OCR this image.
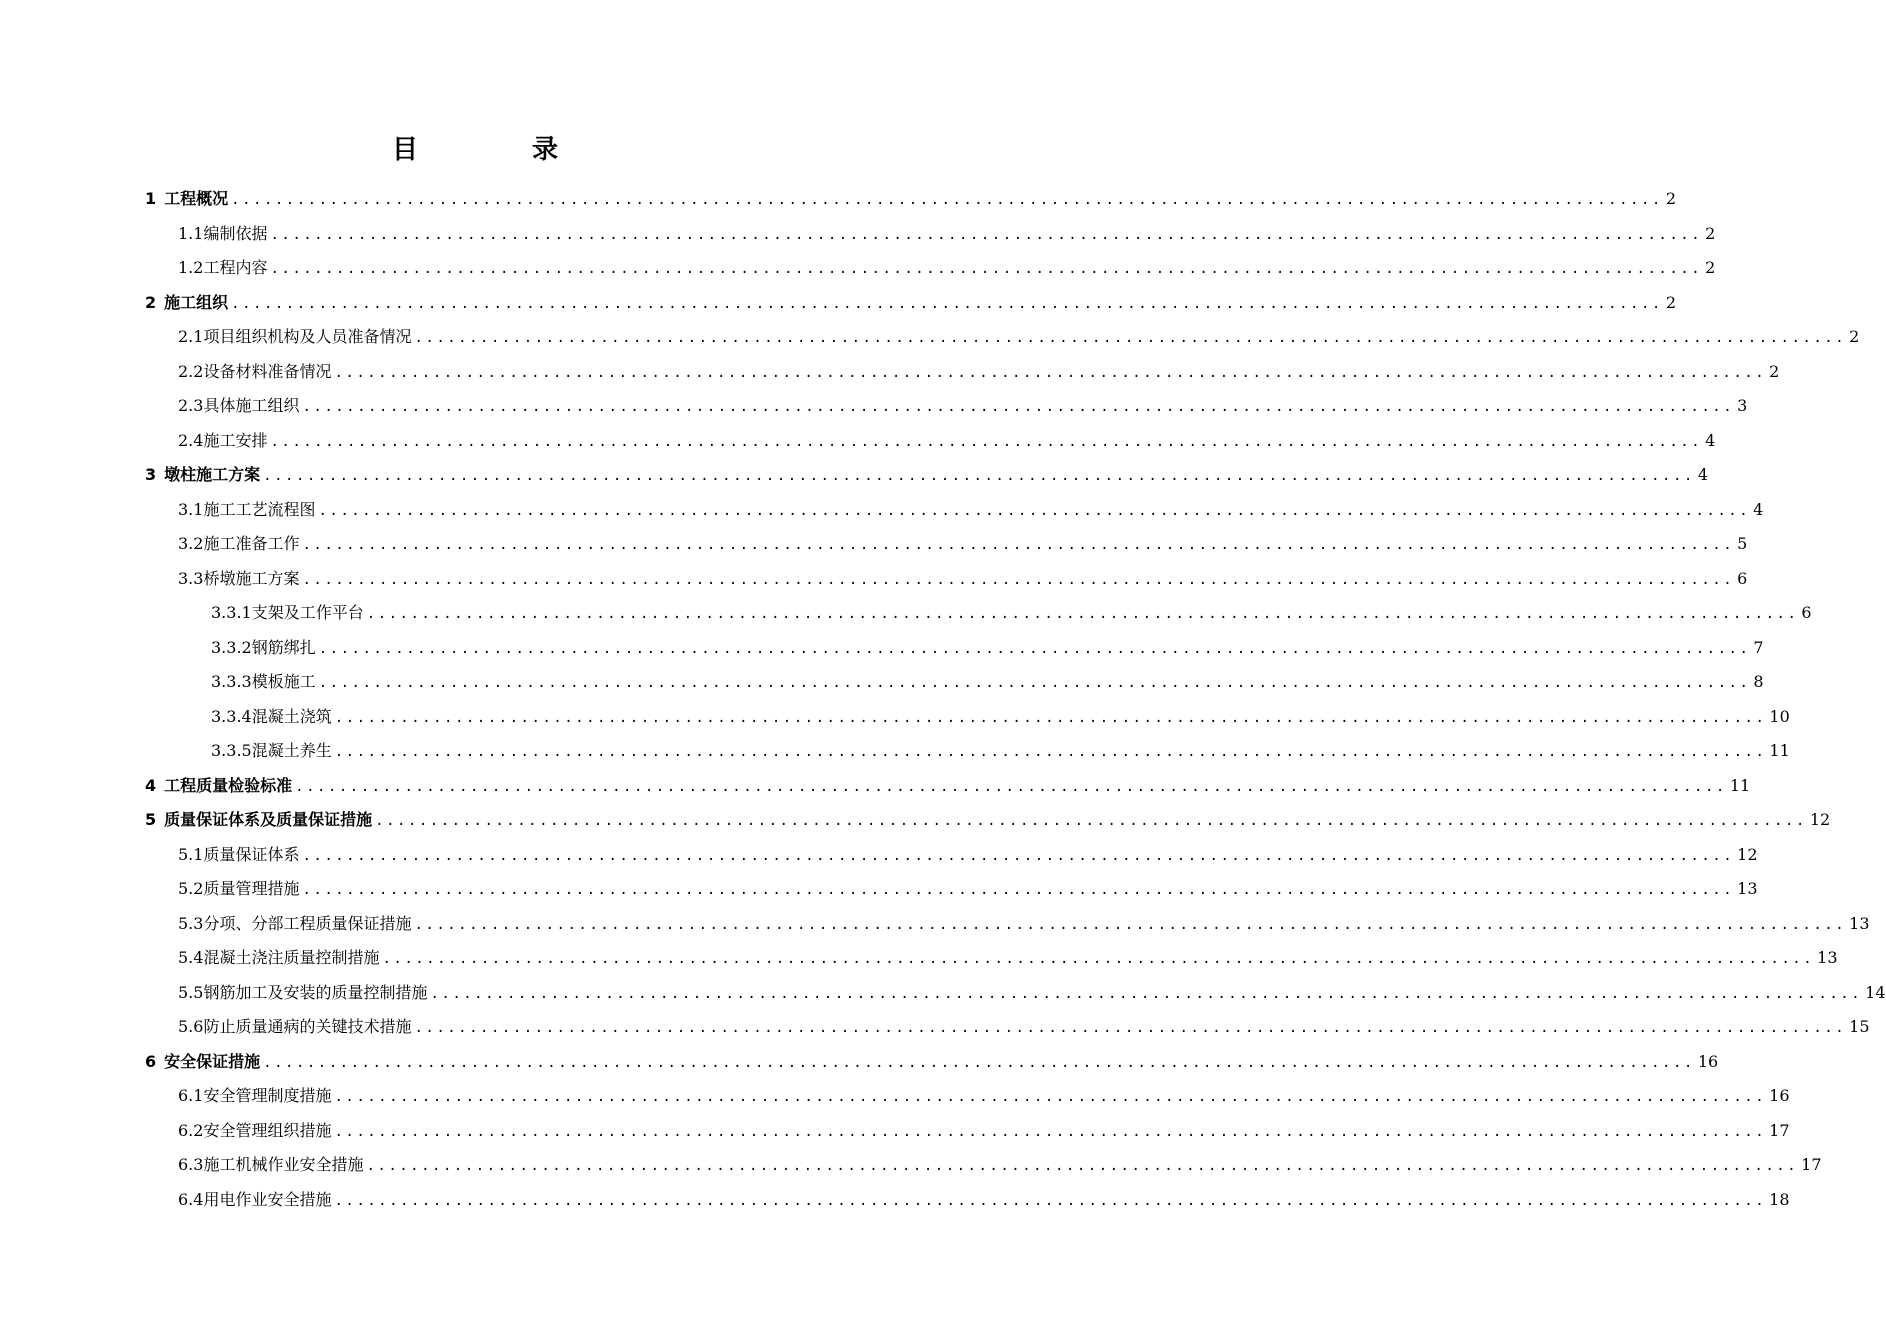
目　录
1 工程概况 ................................................................................................................................... 2
1.1 编制依据 ................................................................................................................................... 2
1.2 工程内容 ................................................................................................................................... 2
2 施工组织 ................................................................................................................................... 2
2.1 项目组织机构及人员准备情况 ................................................................................................................................... 2
2.2 设备材料准备情况 ................................................................................................................................... 2
2.3 具体施工组织 ................................................................................................................................... 3
2.4 施工安排 ................................................................................................................................... 4
3 墩柱施工方案 ................................................................................................................................... 4
3.1 施工工艺流程图 ................................................................................................................................... 4
3.2 施工准备工作 ................................................................................................................................... 5
3.3 桥墩施工方案 ................................................................................................................................... 6
3.3.1 支架及工作平台 ................................................................................................................................... 6
3.3.2 钢筋绑扎 ................................................................................................................................... 7
3.3.3 模板施工 ................................................................................................................................... 8
3.3.4 混凝土浇筑 ................................................................................................................................... 10
3.3.5 混凝土养生 ................................................................................................................................... 11
4 工程质量检验标准 ................................................................................................................................... 11
5 质量保证体系及质量保证措施 ................................................................................................................................... 12
5.1 质量保证体系 ................................................................................................................................... 12
5.2 质量管理措施 ................................................................................................................................... 13
5.3 分项、分部工程质量保证措施 ................................................................................................................................... 13
5.4 混凝土浇注质量控制措施 ................................................................................................................................... 13
5.5 钢筋加工及安装的质量控制措施 ................................................................................................................................... 14
5.6 防止质量通病的关键技术措施 ................................................................................................................................... 15
6 安全保证措施 ................................................................................................................................... 16
6.1 安全管理制度措施 ................................................................................................................................... 16
6.2 安全管理组织措施 ................................................................................................................................... 17
6.3 施工机械作业安全措施 ................................................................................................................................... 17
6.4 用电作业安全措施 ................................................................................................................................... 18
